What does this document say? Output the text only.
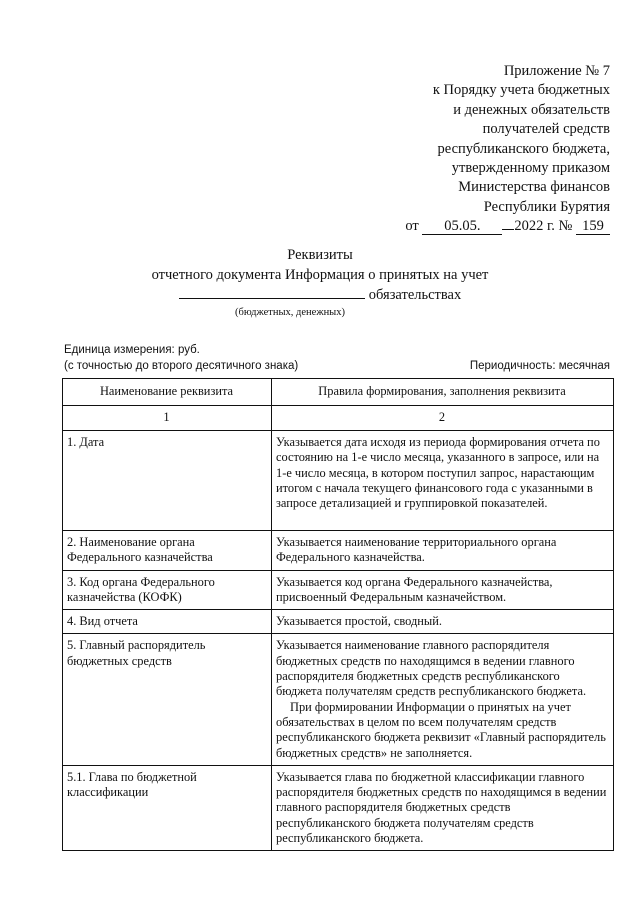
Приложение № 7
к Порядку учета бюджетных
и денежных обязательств
получателей средств
республиканского бюджета,
утвержденному приказом
Министерства финансов
Республики Бурятия
от 05.05. 2022 г. № 159
Реквизиты
отчетного документа Информация о принятых на учет
обязательствах
(бюджетных, денежных)
Единица измерения: руб.
(с точностью до второго десятичного знака)	Периодичность: месячная
Наименование реквизита	Правила формирования, заполнения реквизита
1	2
1. Дата	Указывается дата исходя из периода формирования отчета по состоянию на 1-е число месяца, указанного в запросе, или на 1-е число месяца, в котором поступил запрос, нарастающим итогом с начала текущего финансового года с указанными в запросе детализацией и группировкой показателей.

2. Наименование органа Федерального казначейства	Указывается наименование территориального органа Федерального казначейства.

3. Код органа Федерального казначейства (КОФК)	Указывается код органа Федерального казначейства, присвоенный Федеральным казначейством.

4. Вид отчета	Указывается простой, сводный.

5. Главный распорядитель бюджетных средств	Указывается наименование главного распорядителя бюджетных средств по находящимся в ведении главного распорядителя бюджетных средств республиканского бюджета получателям средств республиканского бюджета.

При формировании Информации о принятых на учет обязательствах в целом по всем получателям средств республиканского бюджета реквизит «Главный распорядитель бюджетных средств» не заполняется.

5.1. Глава по бюджетной классификации	Указывается глава по бюджетной классификации главного распорядителя бюджетных средств по находящимся в ведении главного распорядителя бюджетных средств республиканского бюджета получателям средств республиканского бюджета.
